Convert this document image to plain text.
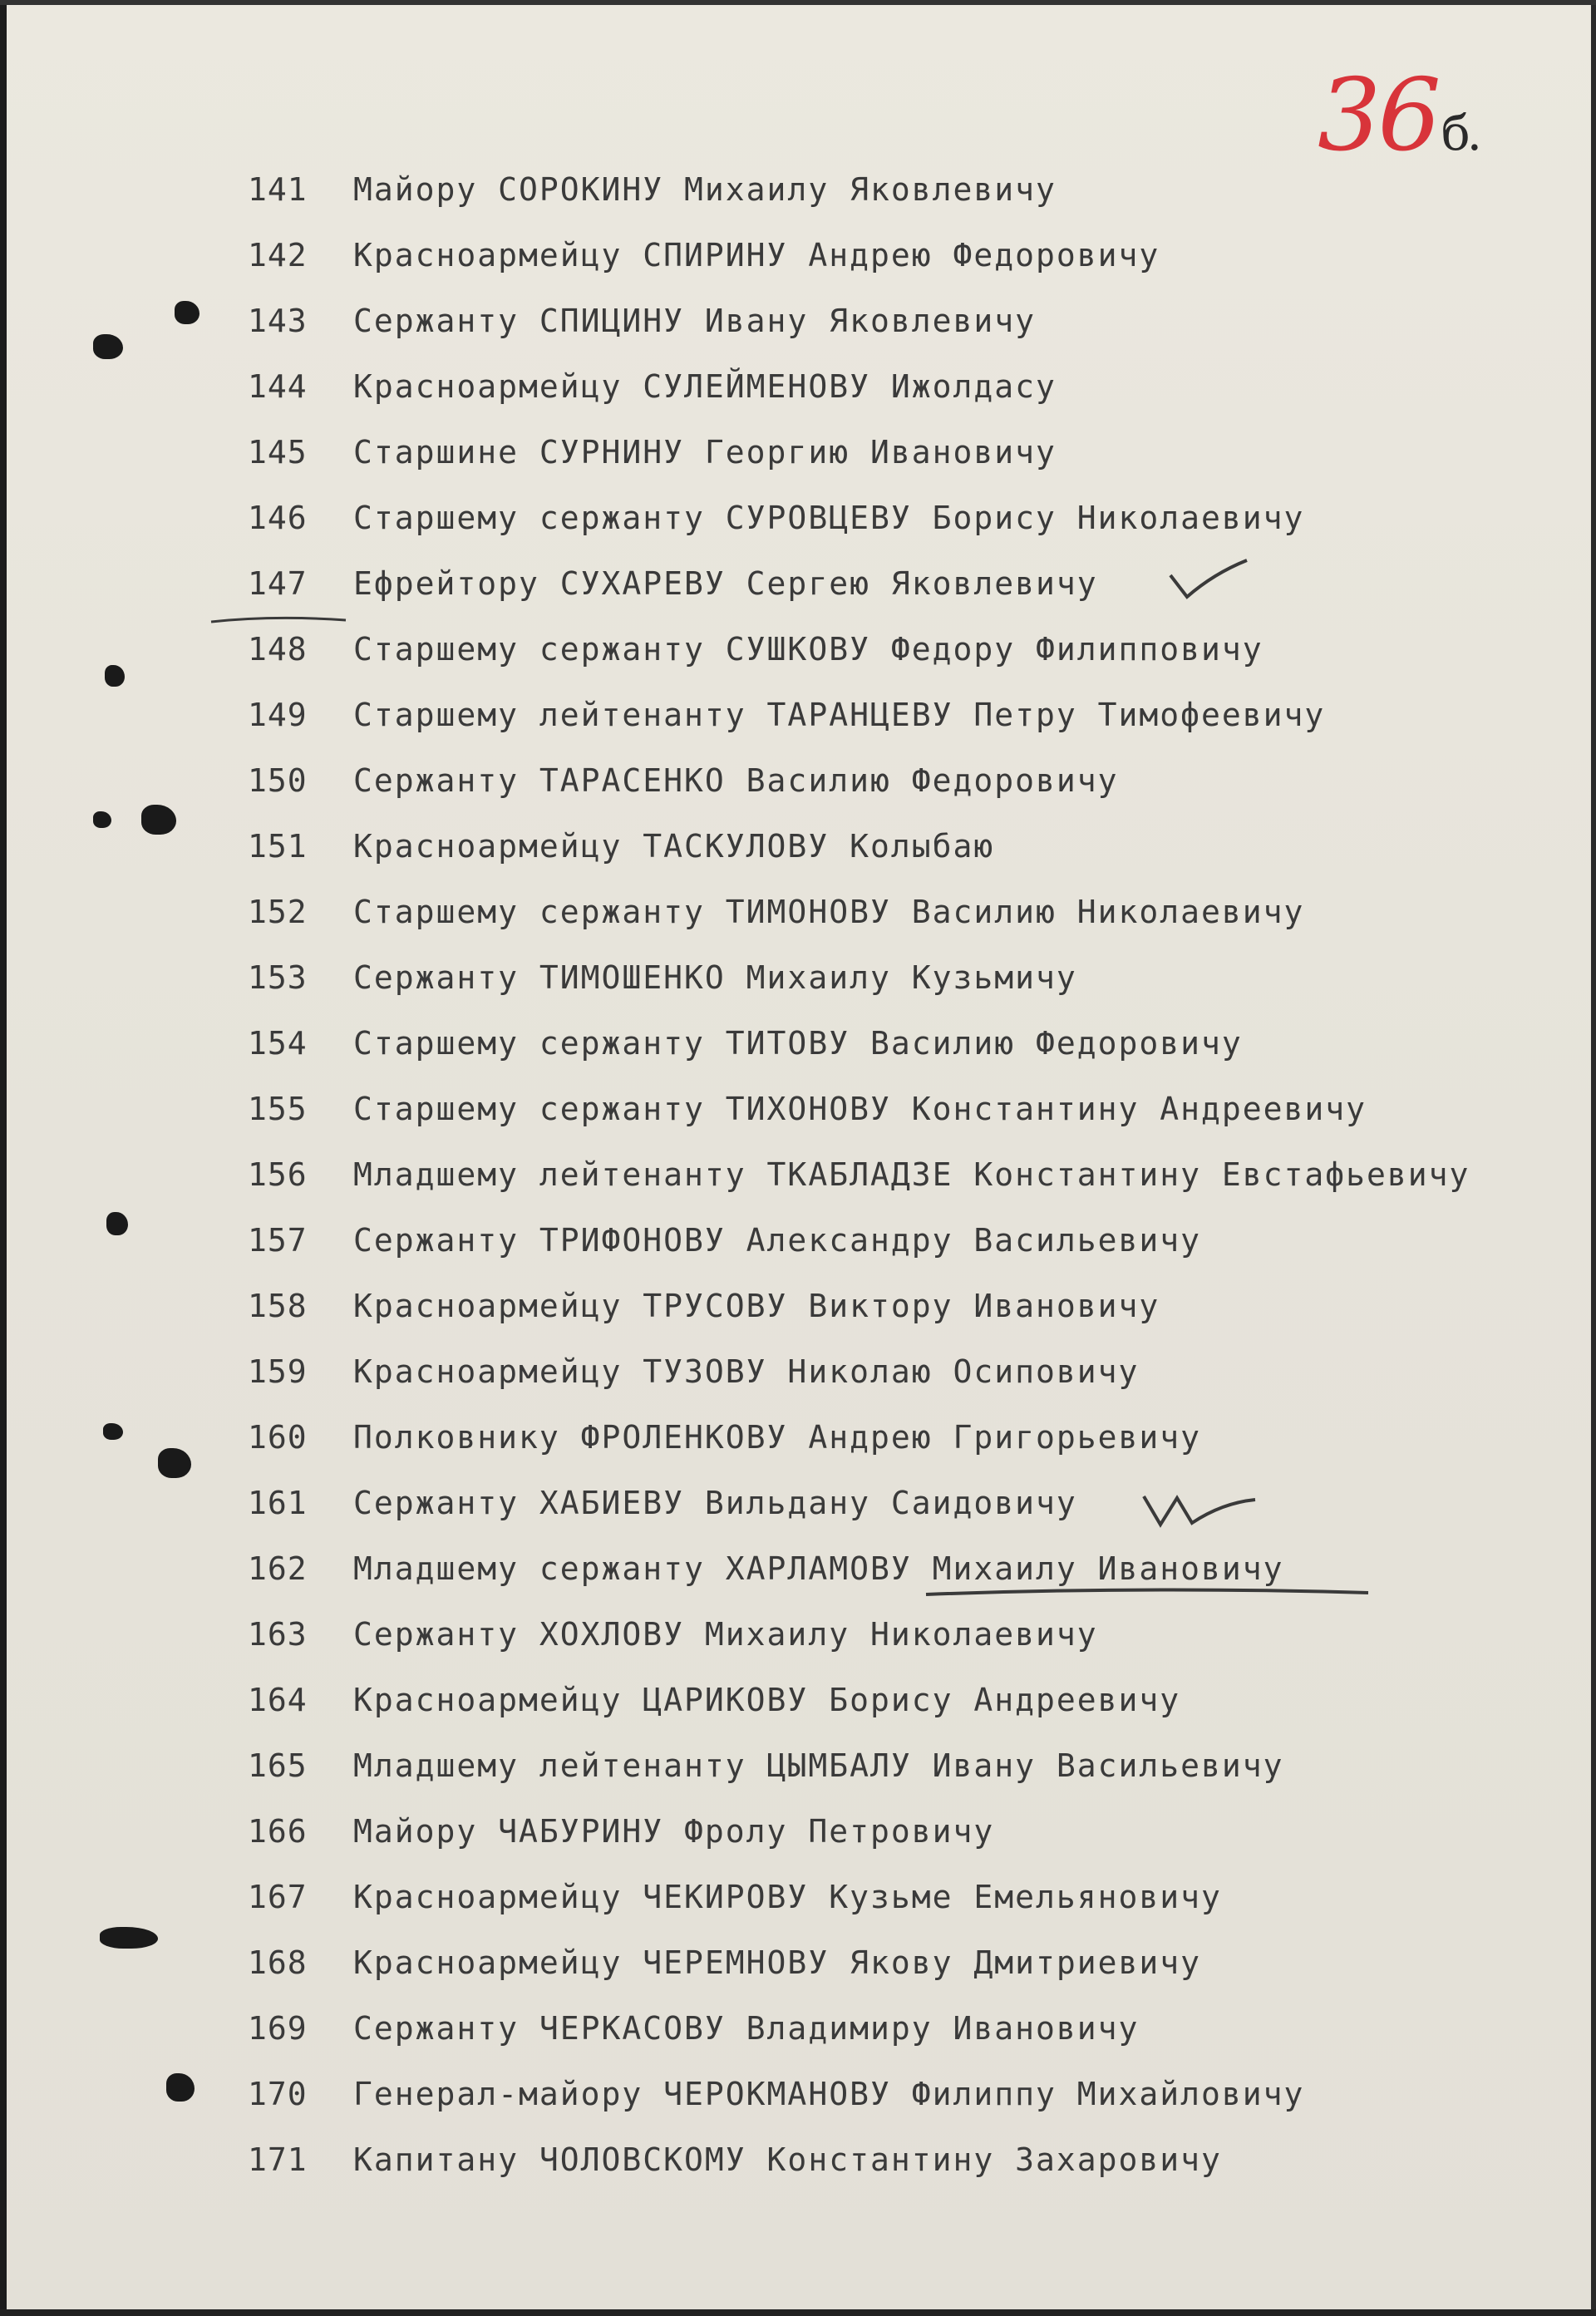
36б.
141 Майору СОРОКИНУ Михаилу Яковлевичу
142 Красноармейцу СПИРИНУ Андрею Федоровичу
143 Сержанту СПИЦИНУ Ивану Яковлевичу
144 Красноармейцу СУЛЕЙМЕНОВУ Ижолдасу
145 Старшине СУРНИНУ Георгию Ивановичу
146 Старшему сержанту СУРОВЦЕВУ Борису Николаевичу
147 Ефрейтору СУХАРЕВУ Сергею Яковлевичу
148 Старшему сержанту СУШКОВУ Федору Филипповичу
149 Старшему лейтенанту ТАРАНЦЕВУ Петру Тимофеевичу
150 Сержанту ТАРАСЕНКО Василию Федоровичу
151 Красноармейцу ТАСКУЛОВУ Колыбаю
152 Старшему сержанту ТИМОНОВУ Василию Николаевичу
153 Сержанту ТИМОШЕНКО Михаилу Кузьмичу
154 Старшему сержанту ТИТОВУ Василию Федоровичу
155 Старшему сержанту ТИХОНОВУ Константину Андреевичу
156 Младшему лейтенанту ТКАБЛАДЗЕ Константину Евстафьевичу
157 Сержанту ТРИФОНОВУ Александру Васильевичу
158 Красноармейцу ТРУСОВУ Виктору Ивановичу
159 Красноармейцу ТУЗОВУ Николаю Осиповичу
160 Полковнику ФРОЛЕНКОВУ Андрею Григорьевичу
161 Сержанту ХАБИЕВУ Вильдану Саидовичу
162 Младшему сержанту ХАРЛАМОВУ Михаилу Ивановичу
163 Сержанту ХОХЛОВУ Михаилу Николаевичу
164 Красноармейцу ЦАРИКОВУ Борису Андреевичу
165 Младшему лейтенанту ЦЫМБАЛУ Ивану Васильевичу
166 Майору ЧАБУРИНУ Фролу Петровичу
167 Красноармейцу ЧЕКИРОВУ Кузьме Емельяновичу
168 Красноармейцу ЧЕРЕМНОВУ Якову Дмитриевичу
169 Сержанту ЧЕРКАСОВУ Владимиру Ивановичу
170 Генерал-майору ЧЕРОКМАНОВУ Филиппу Михайловичу
171 Капитану ЧОЛОВСКОМУ Константину Захаровичу
